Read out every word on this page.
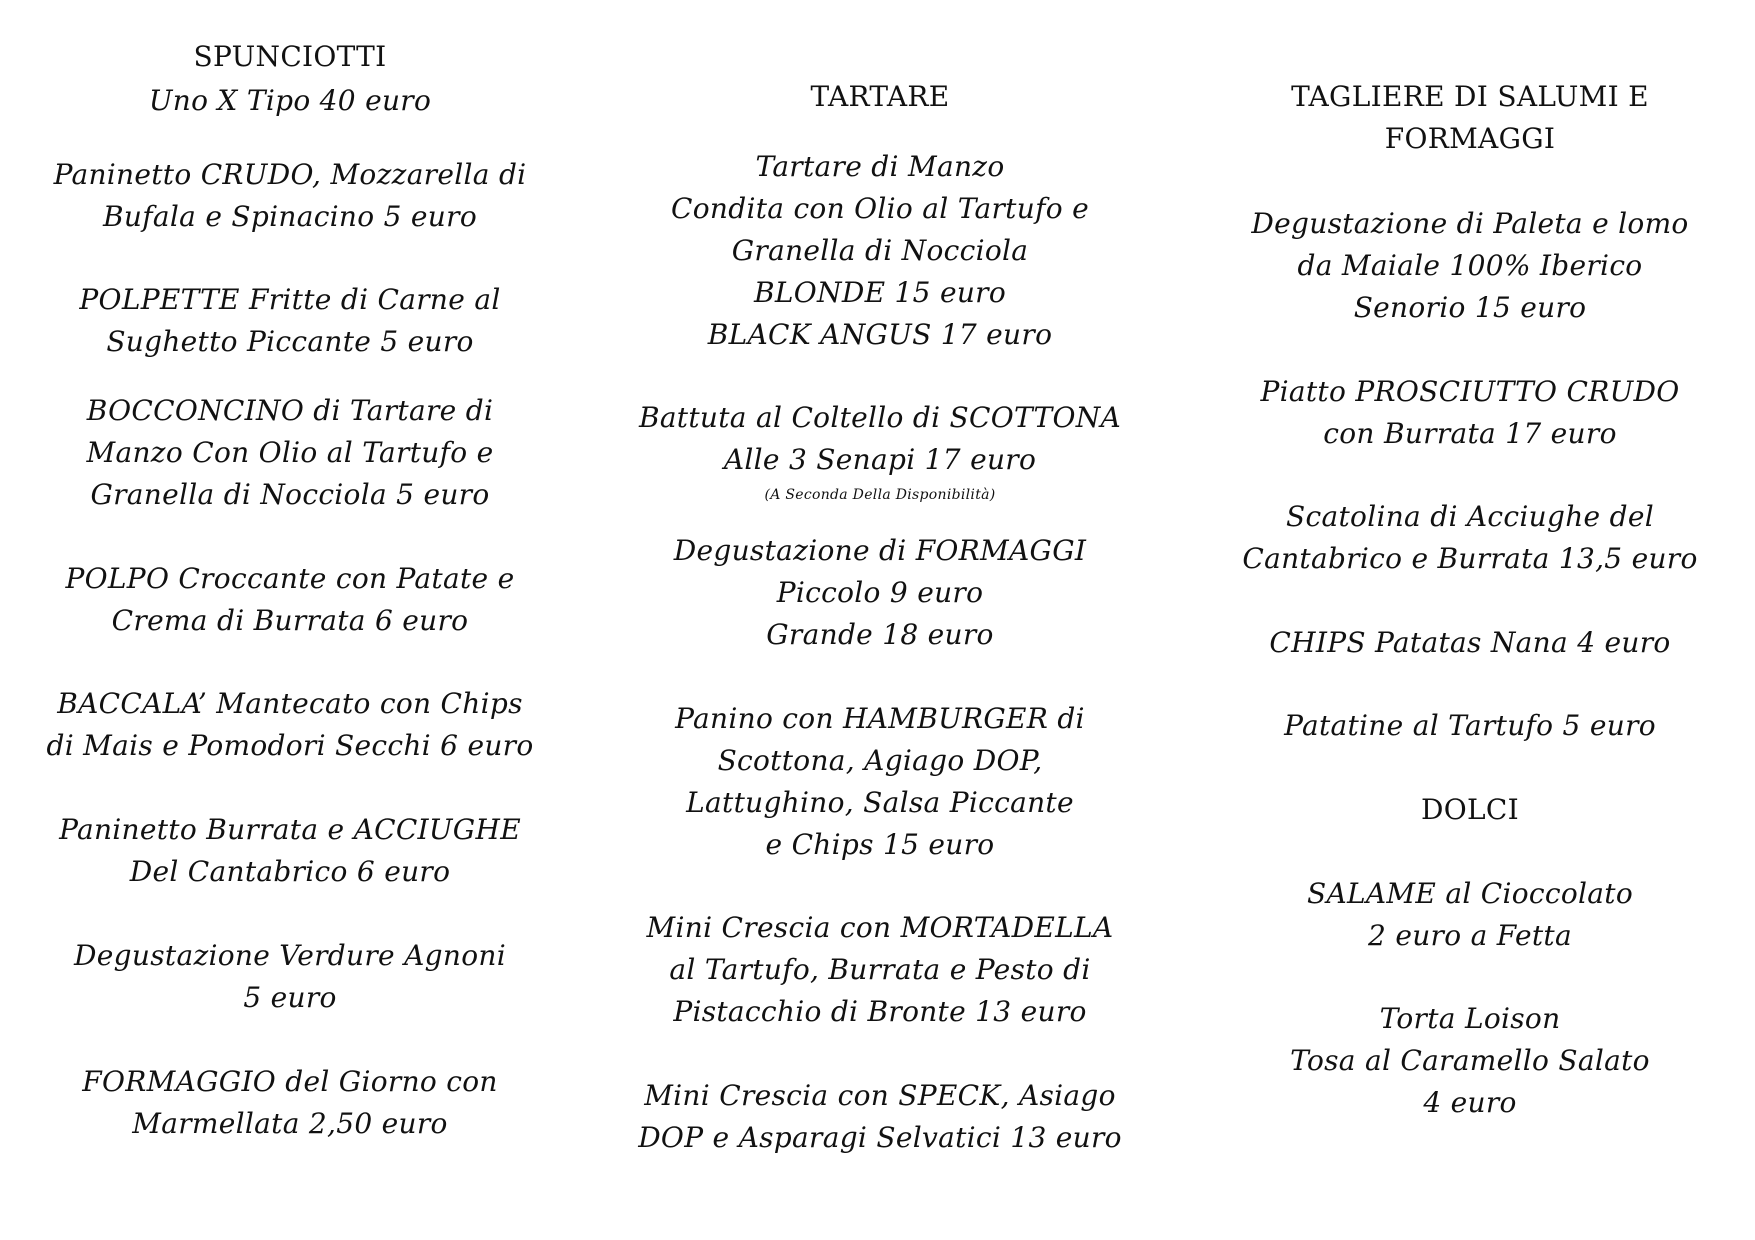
SPUNCIOTTI
Uno X Tipo 40 euro
Paninetto CRUDO, Mozzarella di
Bufala e Spinacino 5 euro
POLPETTE Fritte di Carne al
Sughetto Piccante 5 euro
BOCCONCINO di Tartare di
Manzo Con Olio al Tartufo e
Granella di Nocciola 5 euro
POLPO Croccante con Patate e
Crema di Burrata 6 euro
BACCALA’ Mantecato con Chips
di Mais e Pomodori Secchi 6 euro
Paninetto Burrata e ACCIUGHE
Del Cantabrico 6 euro
Degustazione Verdure Agnoni
5 euro
FORMAGGIO del Giorno con
Marmellata 2,50 euro
TARTARE
Tartare di Manzo
Condita con Olio al Tartufo e
Granella di Nocciola
BLONDE 15 euro
BLACK ANGUS 17 euro
Battuta al Coltello di SCOTTONA
Alle 3 Senapi 17 euro
(A Seconda Della Disponibilità)
Degustazione di FORMAGGI
Piccolo 9 euro
Grande 18 euro
Panino con HAMBURGER di
Scottona, Agiago DOP,
Lattughino, Salsa Piccante
e Chips 15 euro
Mini Crescia con MORTADELLA
al Tartufo, Burrata e Pesto di
Pistacchio di Bronte 13 euro
Mini Crescia con SPECK, Asiago
DOP e Asparagi Selvatici 13 euro
TAGLIERE DI SALUMI E
FORMAGGI
Degustazione di Paleta e lomo
da Maiale 100% Iberico
Senorio 15 euro
Piatto PROSCIUTTO CRUDO
con Burrata 17 euro
Scatolina di Acciughe del
Cantabrico e Burrata 13,5 euro
CHIPS Patatas Nana 4 euro
Patatine al Tartufo 5 euro
DOLCI
SALAME al Cioccolato
2 euro a Fetta
Torta Loison
Tosa al Caramello Salato
4 euro
